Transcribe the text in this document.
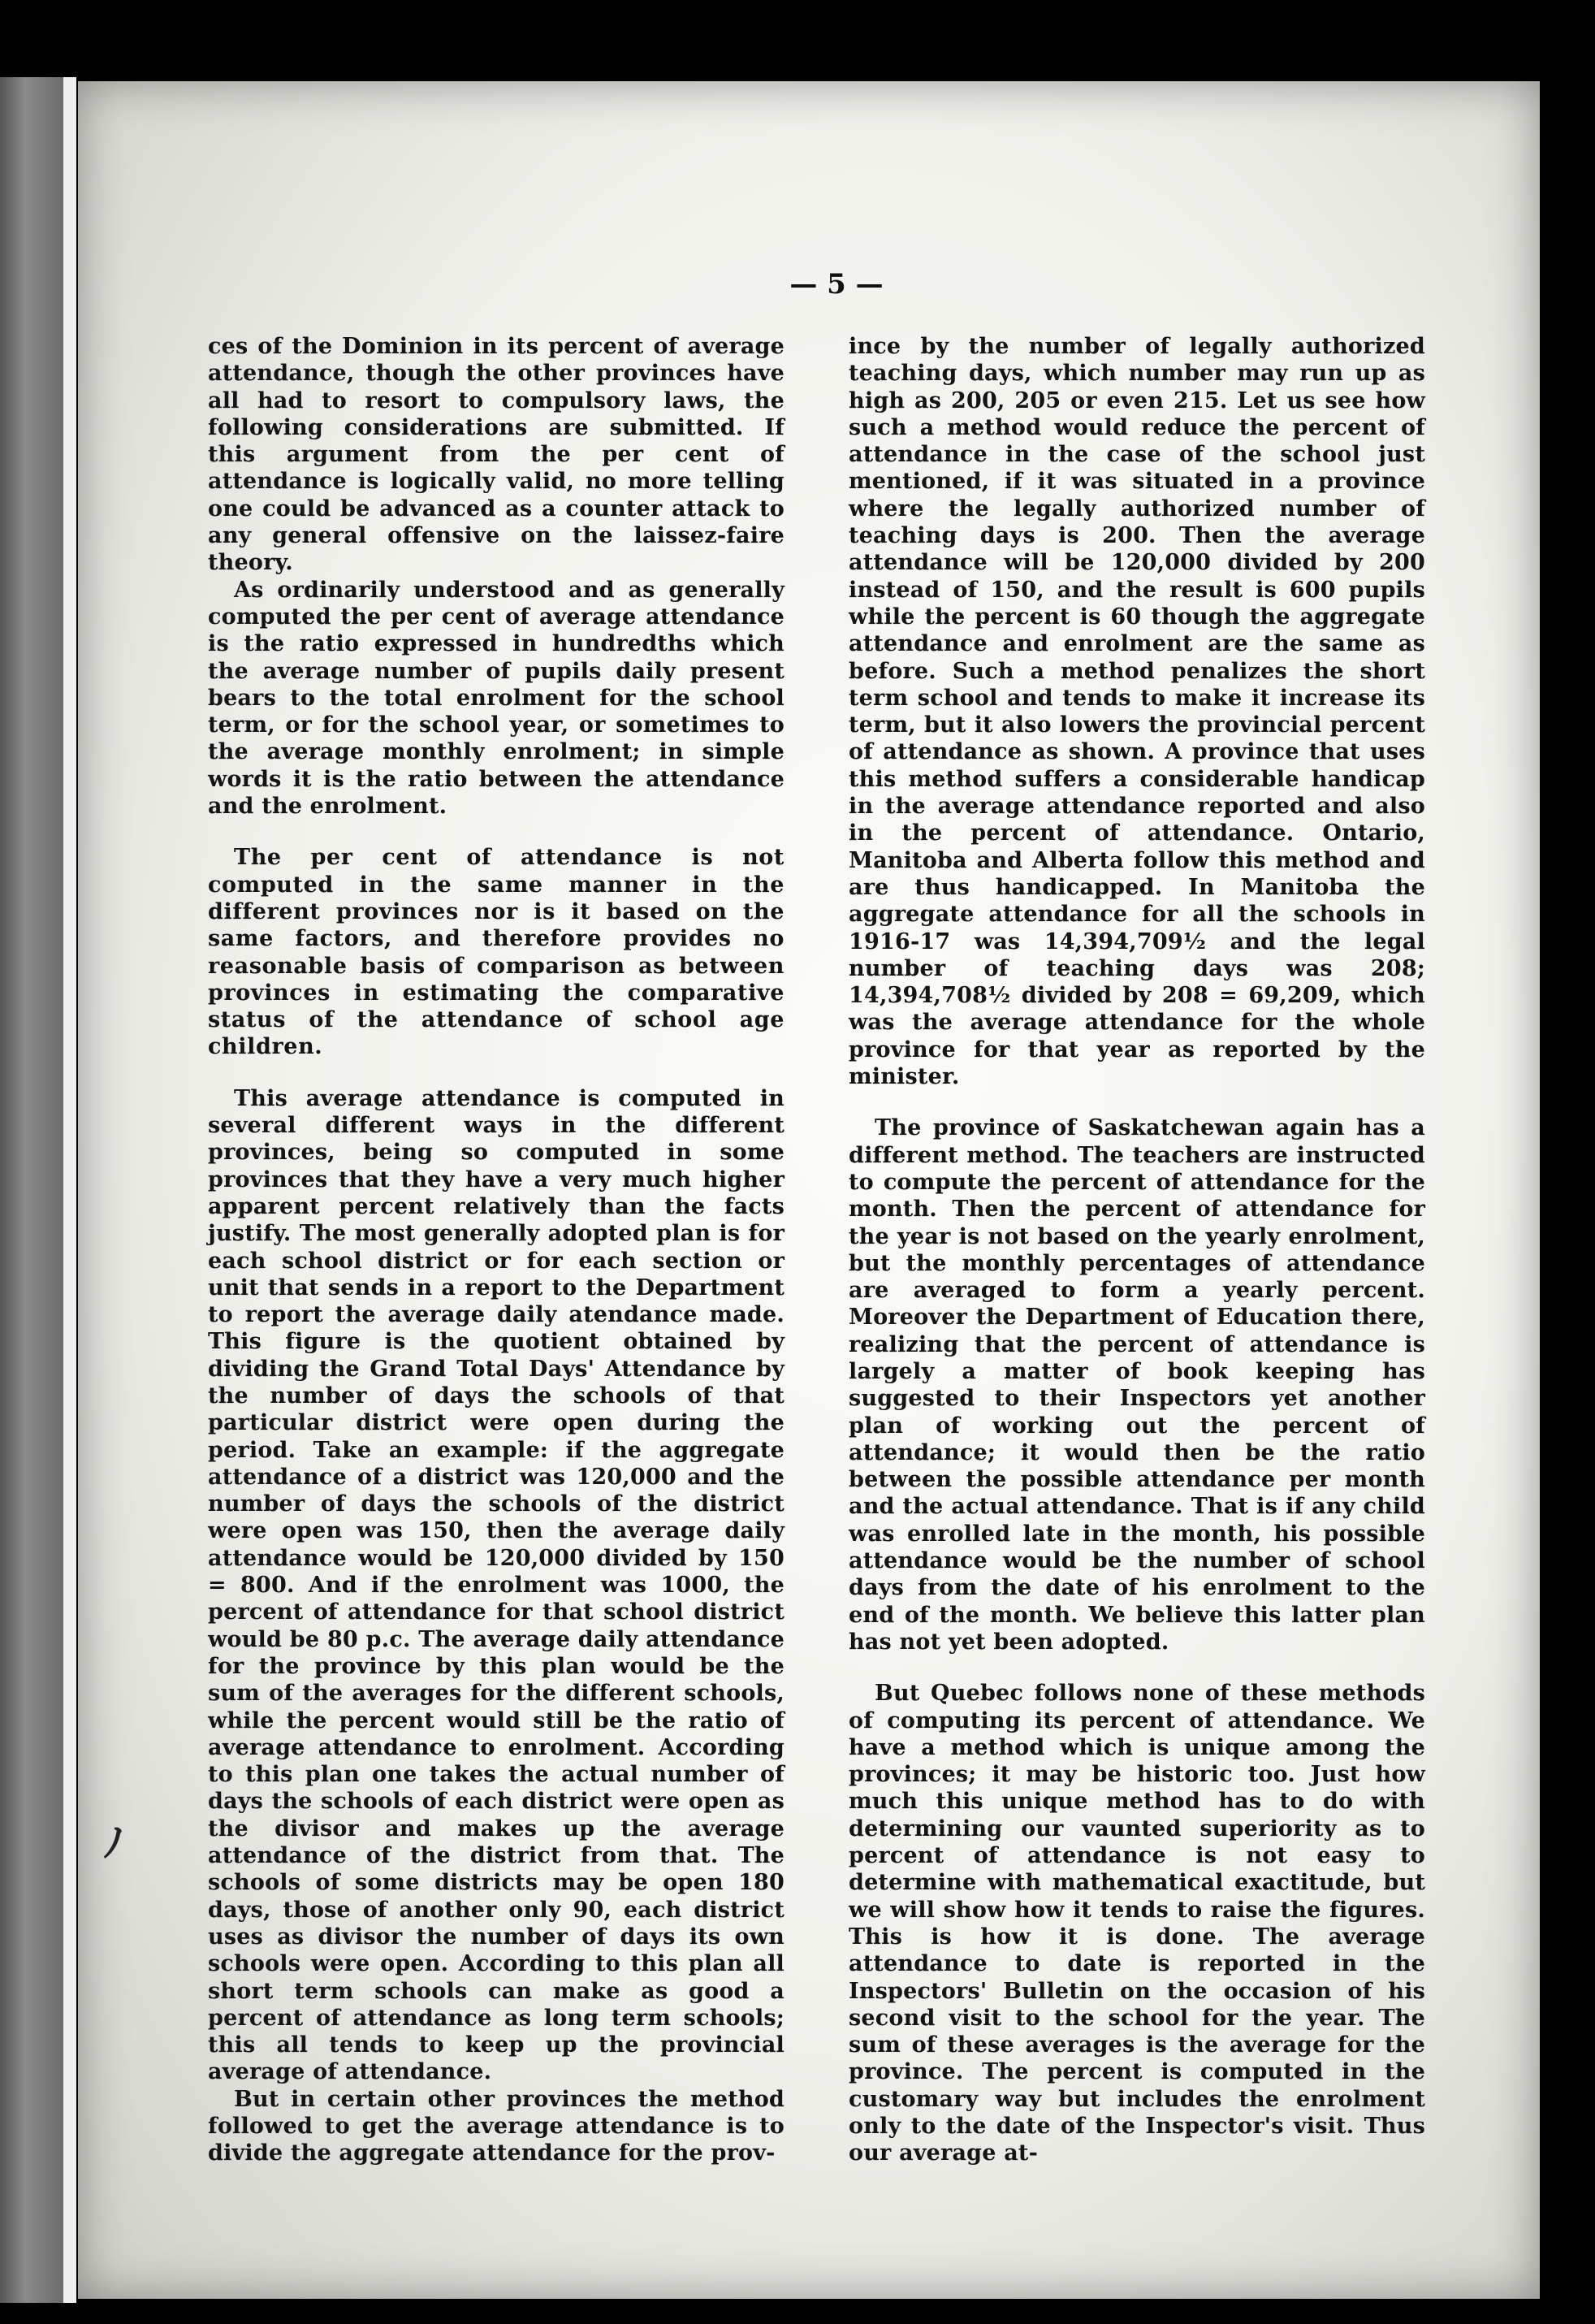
— 5 —

ces of the Dominion in its percent of average attendance, though the other provinces have all had to resort to compulsory laws, the following considerations are submitted. If this argument from the per cent of attendance is logically valid, no more telling one could be advanced as a counter attack to any general offensive on the laissez-faire theory.

As ordinarily understood and as generally computed the per cent of average attendance is the ratio expressed in hundredths which the average number of pupils daily present bears to the total enrolment for the school term, or for the school year, or sometimes to the average monthly enrolment; in simple words it is the ratio between the attendance and the enrolment.

The per cent of attendance is not computed in the same manner in the different provinces nor is it based on the same factors, and therefore provides no reasonable basis of comparison as between provinces in estimating the comparative status of the attendance of school age children.

This average attendance is computed in several different ways in the different provinces, being so computed in some provinces that they have a very much higher apparent percent relatively than the facts justify. The most generally adopted plan is for each school district or for each section or unit that sends in a report to the Department to report the average daily atendance made. This figure is the quotient obtained by dividing the Grand Total Days' Attendance by the number of days the schools of that particular district were open during the period. Take an example: if the aggregate attendance of a district was 120,000 and the number of days the schools of the district were open was 150, then the average daily attendance would be 120,000 divided by 150 = 800. And if the enrolment was 1000, the percent of attendance for that school district would be 80 p.c. The average daily attendance for the province by this plan would be the sum of the averages for the different schools, while the percent would still be the ratio of average attendance to enrolment. According to this plan one takes the actual number of days the schools of each district were open as the divisor and makes up the average attendance of the district from that. The schools of some districts may be open 180 days, those of another only 90, each district uses as divisor the number of days its own schools were open. According to this plan all short term schools can make as good a percent of attendance as long term schools; this all tends to keep up the provincial average of attendance.

But in certain other provinces the method followed to get the average attendance is to divide the aggregate attendance for the prov-

ince by the number of legally authorized teaching days, which number may run up as high as 200, 205 or even 215. Let us see how such a method would reduce the percent of attendance in the case of the school just mentioned, if it was situated in a province where the legally authorized number of teaching days is 200. Then the average attendance will be 120,000 divided by 200 instead of 150, and the result is 600 pupils while the percent is 60 though the aggregate attendance and enrolment are the same as before. Such a method penalizes the short term school and tends to make it increase its term, but it also lowers the provincial percent of attendance as shown. A province that uses this method suffers a considerable handicap in the average attendance reported and also in the percent of attendance. Ontario, Manitoba and Alberta follow this method and are thus handicapped. In Manitoba the aggregate attendance for all the schools in 1916-17 was 14,394,709½ and the legal number of teaching days was 208; 14,394,708½ divided by 208 = 69,209, which was the average attendance for the whole province for that year as reported by the minister.

The province of Saskatchewan again has a different method. The teachers are instructed to compute the percent of attendance for the month. Then the percent of attendance for the year is not based on the yearly enrolment, but the monthly percentages of attendance are averaged to form a yearly percent. Moreover the Department of Education there, realizing that the percent of attendance is largely a matter of book keeping has suggested to their Inspectors yet another plan of working out the percent of attendance; it would then be the ratio between the possible attendance per month and the actual attendance. That is if any child was enrolled late in the month, his possible attendance would be the number of school days from the date of his enrolment to the end of the month. We believe this latter plan has not yet been adopted.

But Quebec follows none of these methods of computing its percent of attendance. We have a method which is unique among the provinces; it may be historic too. Just how much this unique method has to do with determining our vaunted superiority as to percent of attendance is not easy to determine with mathematical exactitude, but we will show how it tends to raise the figures. This is how it is done. The average attendance to date is reported in the Inspectors' Bulletin on the occasion of his second visit to the school for the year. The sum of these averages is the average for the province. The percent is computed in the customary way but includes the enrolment only to the date of the Inspector's visit. Thus our average at-

ﾉ
